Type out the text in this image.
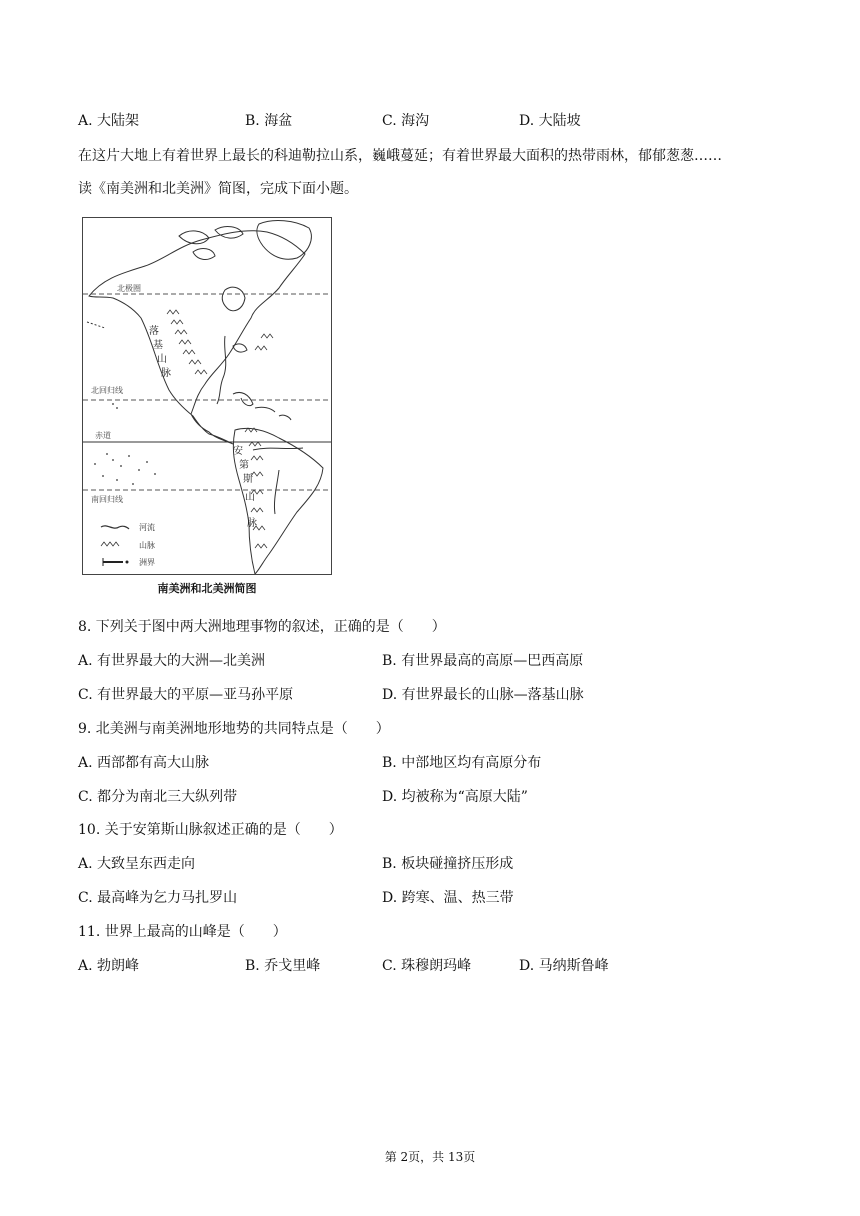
A. 大陆架	B. 海盆	C. 海沟	D. 大陆坡
在这片大地上有着世界上最长的科迪勒拉山系，巍峨蔓延；有着世界最大面积的热带雨林，郁郁葱葱……
读《南美洲和北美洲》简图，完成下面小题。
北极圈
北回归线
赤道
南回归线
落
基
山
脉
安
第
斯
山
脉
河流
山脉
洲界
南美洲和北美洲简图
8. 下列关于图中两大洲地理事物的叙述，正确的是（　　）
A. 有世界最大的大洲—北美洲	B. 有世界最高的高原—巴西高原
C. 有世界最大的平原—亚马孙平原	D. 有世界最长的山脉—落基山脉
9. 北美洲与南美洲地形地势的共同特点是（　　）
A. 西部都有高大山脉	B. 中部地区均有高原分布
C. 都分为南北三大纵列带	D. 均被称为“高原大陆”
10. 关于安第斯山脉叙述正确的是（　　）
A. 大致呈东西走向	B. 板块碰撞挤压形成
C. 最高峰为乞力马扎罗山	D. 跨寒、温、热三带
11. 世界上最高的山峰是（　　）
A. 勃朗峰	B. 乔戈里峰	C. 珠穆朗玛峰	D. 马纳斯鲁峰
第 2页，共 13页
